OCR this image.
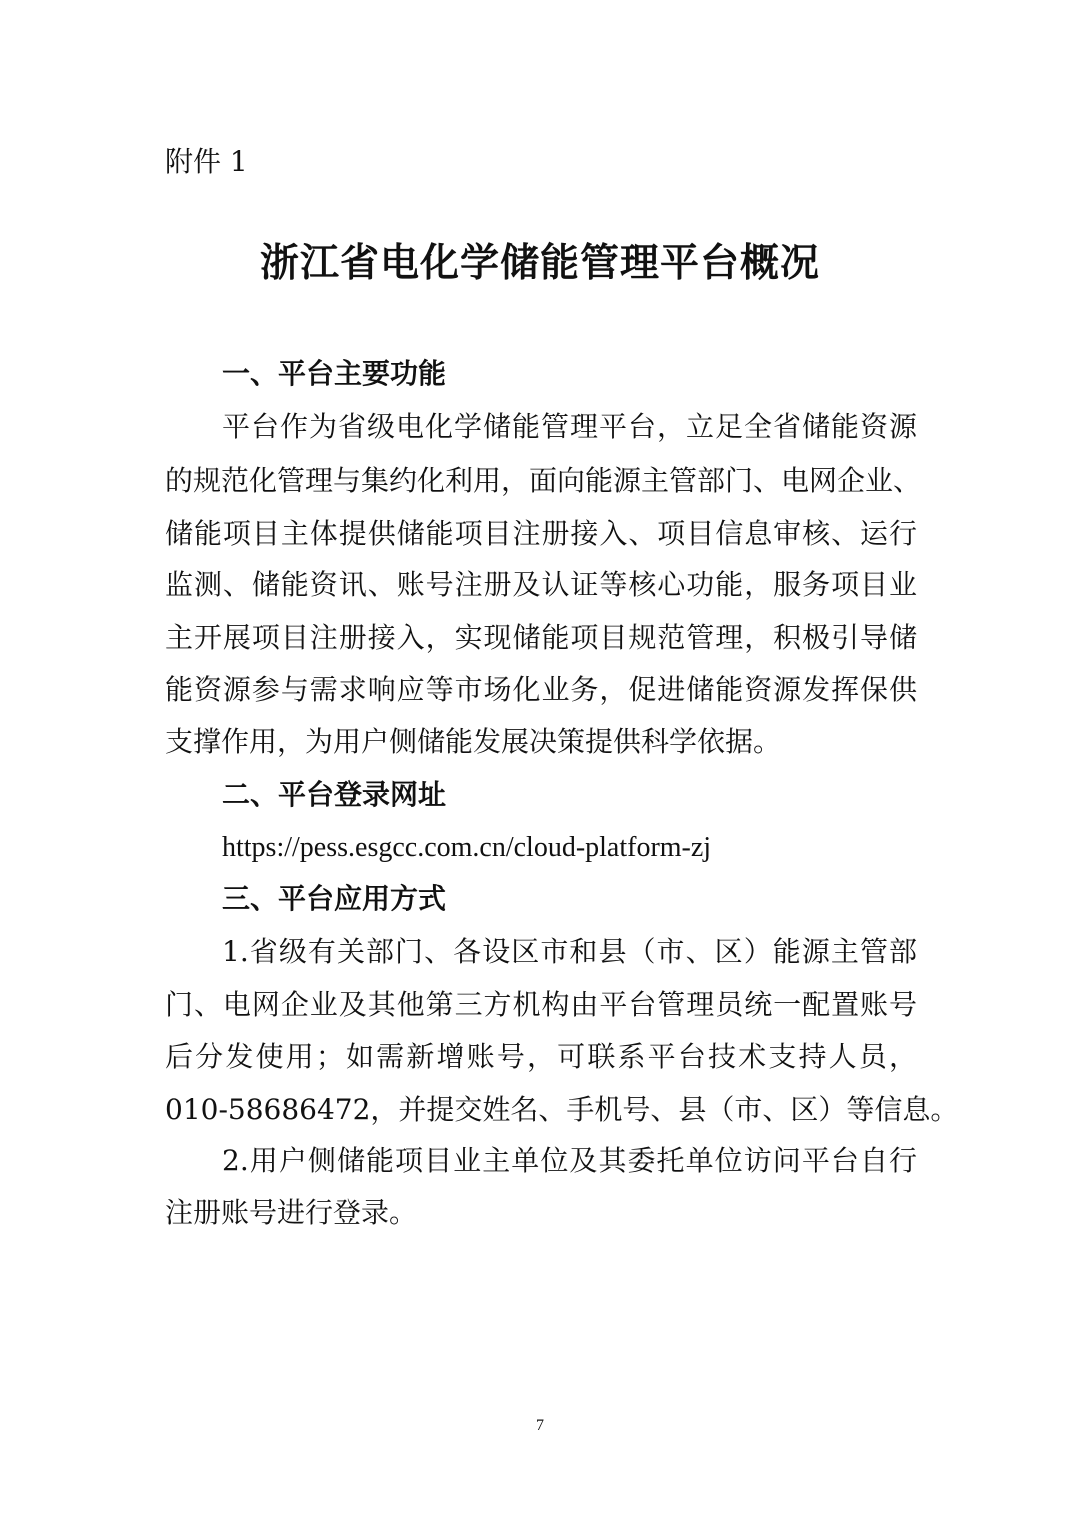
附件 1
浙江省电化学储能管理平台概况
一、平台主要功能
平台作为省级电化学储能管理平台，立足全省储能资源
的规范化管理与集约化利用，面向能源主管部门、电网企业、
储能项目主体提供储能项目注册接入、项目信息审核、运行
监测、储能资讯、账号注册及认证等核心功能，服务项目业
主开展项目注册接入，实现储能项目规范管理，积极引导储
能资源参与需求响应等市场化业务，促进储能资源发挥保供
支撑作用，为用户侧储能发展决策提供科学依据。
二、平台登录网址
https://pess.esgcc.com.cn/cloud-platform-zj
三、平台应用方式
1.省级有关部门、各设区市和县（市、区）能源主管部
门、电网企业及其他第三方机构由平台管理员统一配置账号
后分发使用；如需新增账号，可联系平台技术支持人员，
010-58686472，并提交姓名、手机号、县（市、区）等信息。
2.用户侧储能项目业主单位及其委托单位访问平台自行
注册账号进行登录。
7
